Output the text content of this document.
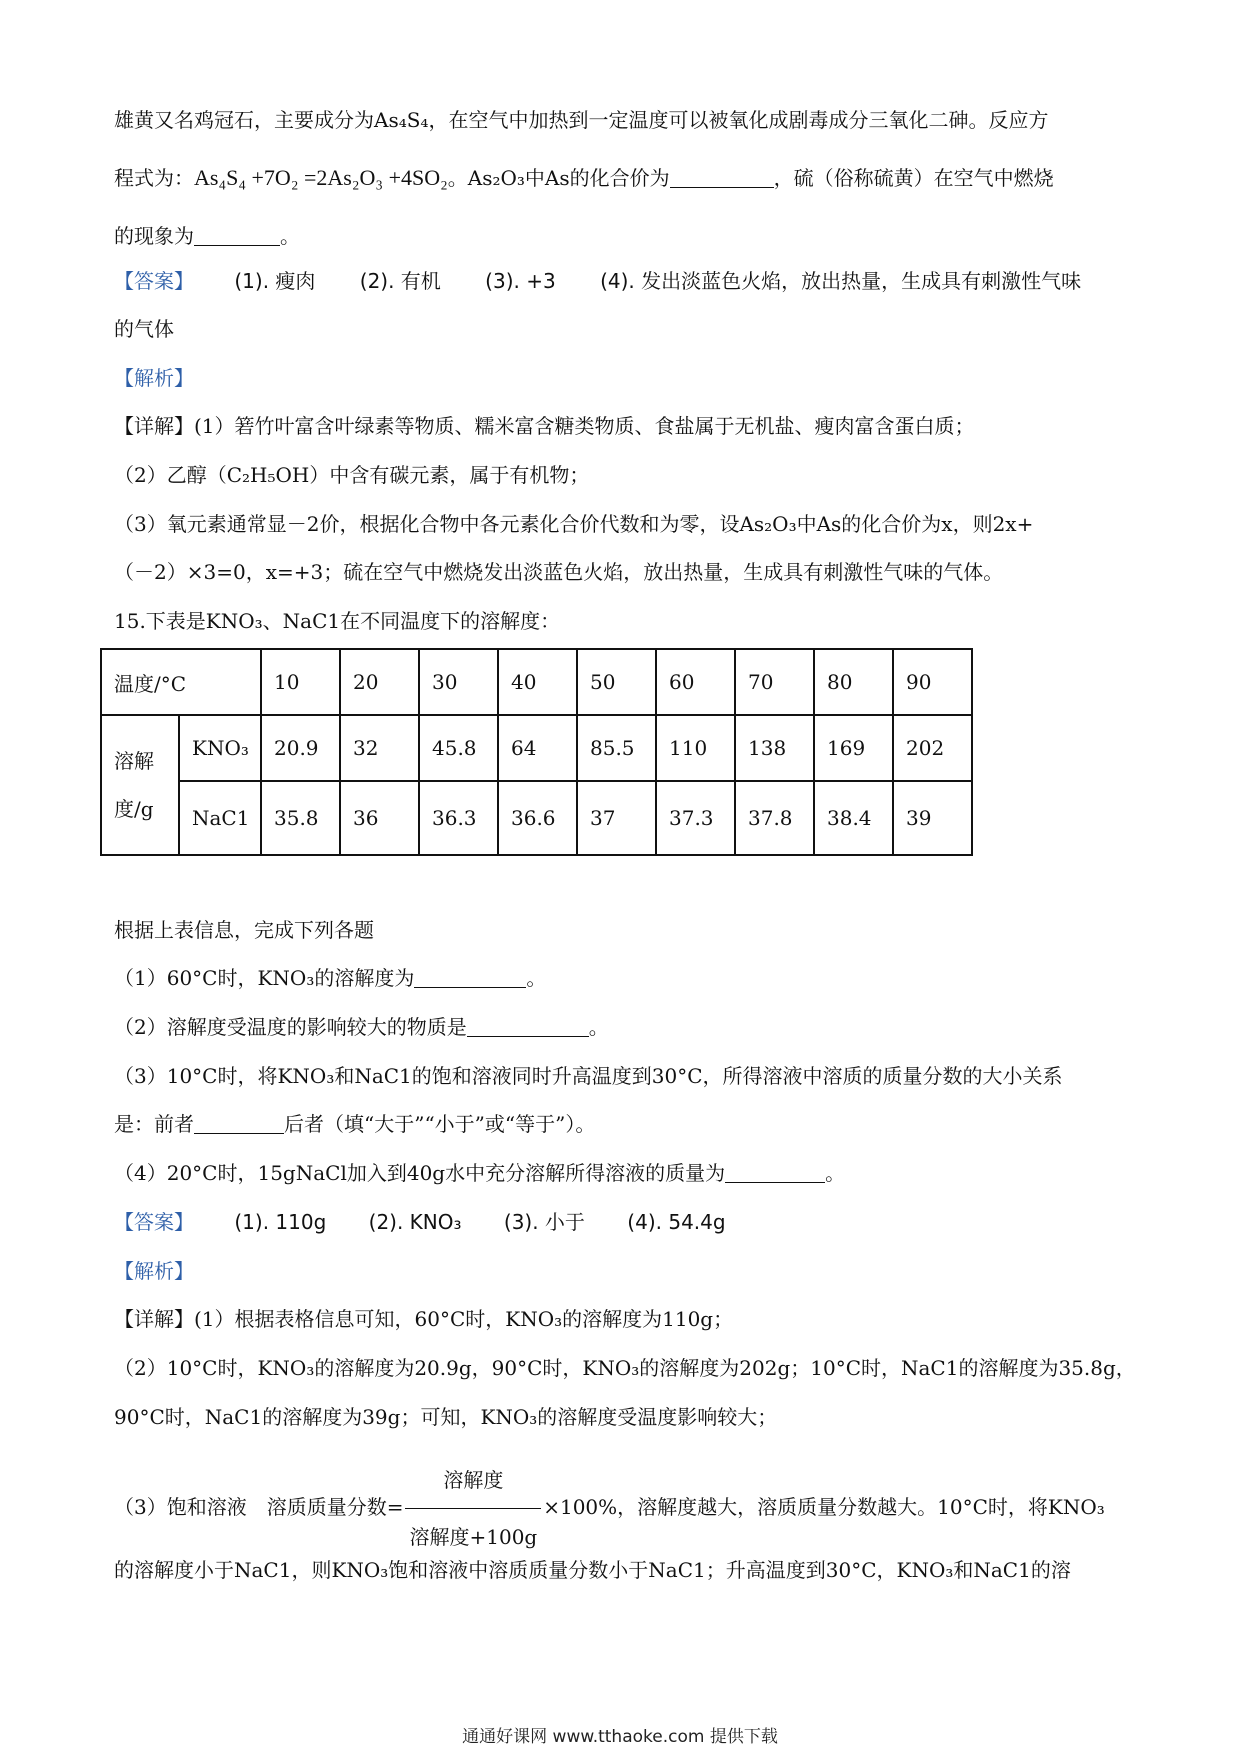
雄黄又名鸡冠石，主要成分为As₄S₄，在空气中加热到一定温度可以被氧化成剧毒成分三氧化二砷。反应方
程式为：As₄S₄ +7O₂ =2As₂O₃ +4SO₂。As₂O₃中As的化合价为	，硫（俗称硫黄）在空气中燃烧
的现象为	。
【答案】 (1). 瘦肉 (2). 有机 (3). +3 (4). 发出淡蓝色火焰，放出热量，生成具有刺激性气味
的气体
【解析】
【详解】(1）箬竹叶富含叶绿素等物质、糯米富含糖类物质、食盐属于无机盐、瘦肉富含蛋白质；
（2）乙醇（C₂H₅OH）中含有碳元素，属于有机物；
（3）氧元素通常显－2价，根据化合物中各元素化合价代数和为零，设As₂O₃中As的化合价为x，则2x+
（－2）×3=0，x=+3；硫在空气中燃烧发出淡蓝色火焰，放出热量，生成具有刺激性气味的气体。
15.下表是KNO₃、NaC1在不同温度下的溶解度：
温度/°C		10	20	30	40	50	60	70	80	90
溶解
度/g	KNO₃	20.9	32	45.8	64	85.5	110	138	169	202
	NaC1	35.8	36	36.3	36.6	37	37.3	37.8	38.4	39
根据上表信息，完成下列各题
（1）60°C时，KNO₃的溶解度为	。
（2）溶解度受温度的影响较大的物质是	。
（3）10°C时，将KNO₃和NaC1的饱和溶液同时升高温度到30°C，所得溶液中溶质的质量分数的大小关系
是：前者	后者（填“大于”“小于”或“等于”）。
（4）20°C时，15gNaCl加入到40g水中充分溶解所得溶液的质量为	。
【答案】 (1). 110g (2). KNO₃ (3). 小于 (4). 54.4g
【解析】
【详解】(1）根据表格信息可知，60°C时，KNO₃的溶解度为110g；
（2）10°C时，KNO₃的溶解度为20.9g，90°C时，KNO₃的溶解度为202g；10°C时，NaC1的溶解度为35.8g，
90°C时，NaC1的溶解度为39g；可知，KNO₃的溶解度受温度影响较大；
（3）饱和溶液　溶质质量分数= $\frac{\text{溶解度}}{\text{溶解度+100g}} \times 100\%$，溶解度越大，溶质质量分数越大。10°C时，将KNO₃
的溶解度小于NaC1，则KNO₃饱和溶液中溶质质量分数小于NaC1；升高温度到30°C，KNO₃和NaC1的溶
通通好课网 www.tthaoke.com 提供下载
